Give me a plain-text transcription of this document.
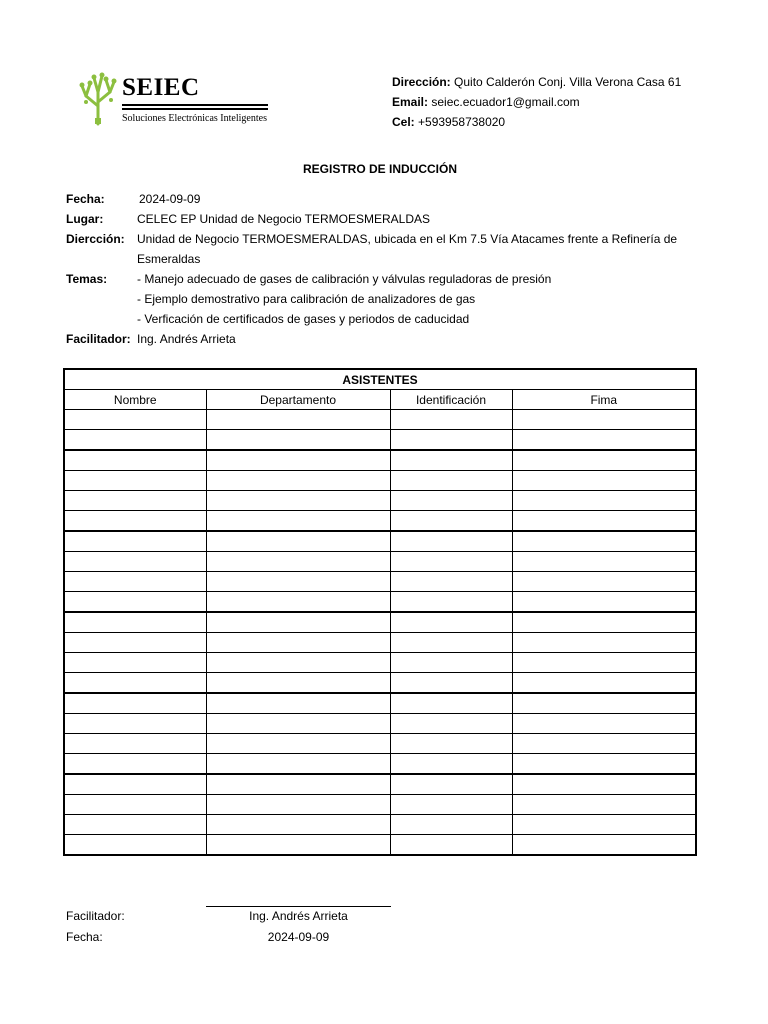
SEIEC
Soluciones Electrónicas Inteligentes
Dirección: Quito Calderón Conj. Villa Verona Casa 61
Email: seiec.ecuador1@gmail.com
Cel: +593958738020
REGISTRO DE INDUCCIÓN
Fecha:	2024-09-09
Lugar:	CELEC EP Unidad de Negocio TERMOESMERALDAS
Diercción: Unidad de Negocio TERMOESMERALDAS, ubicada en el Km 7.5 Vía Atacames frente a Refinería de
Esmeraldas
Temas: - Manejo adecuado de gases de calibración y válvulas reguladoras de presión
- Ejemplo demostrativo para calibración de analizadores de gas
- Verficación de certificados de gases y periodos de caducidad
Facilitador: Ing. Andrés Arrieta
ASISTENTES			
Nombre	Departamento	Identificación	Fima

Facilitador:	Ing. Andrés Arrieta
Fecha:	2024-09-09
